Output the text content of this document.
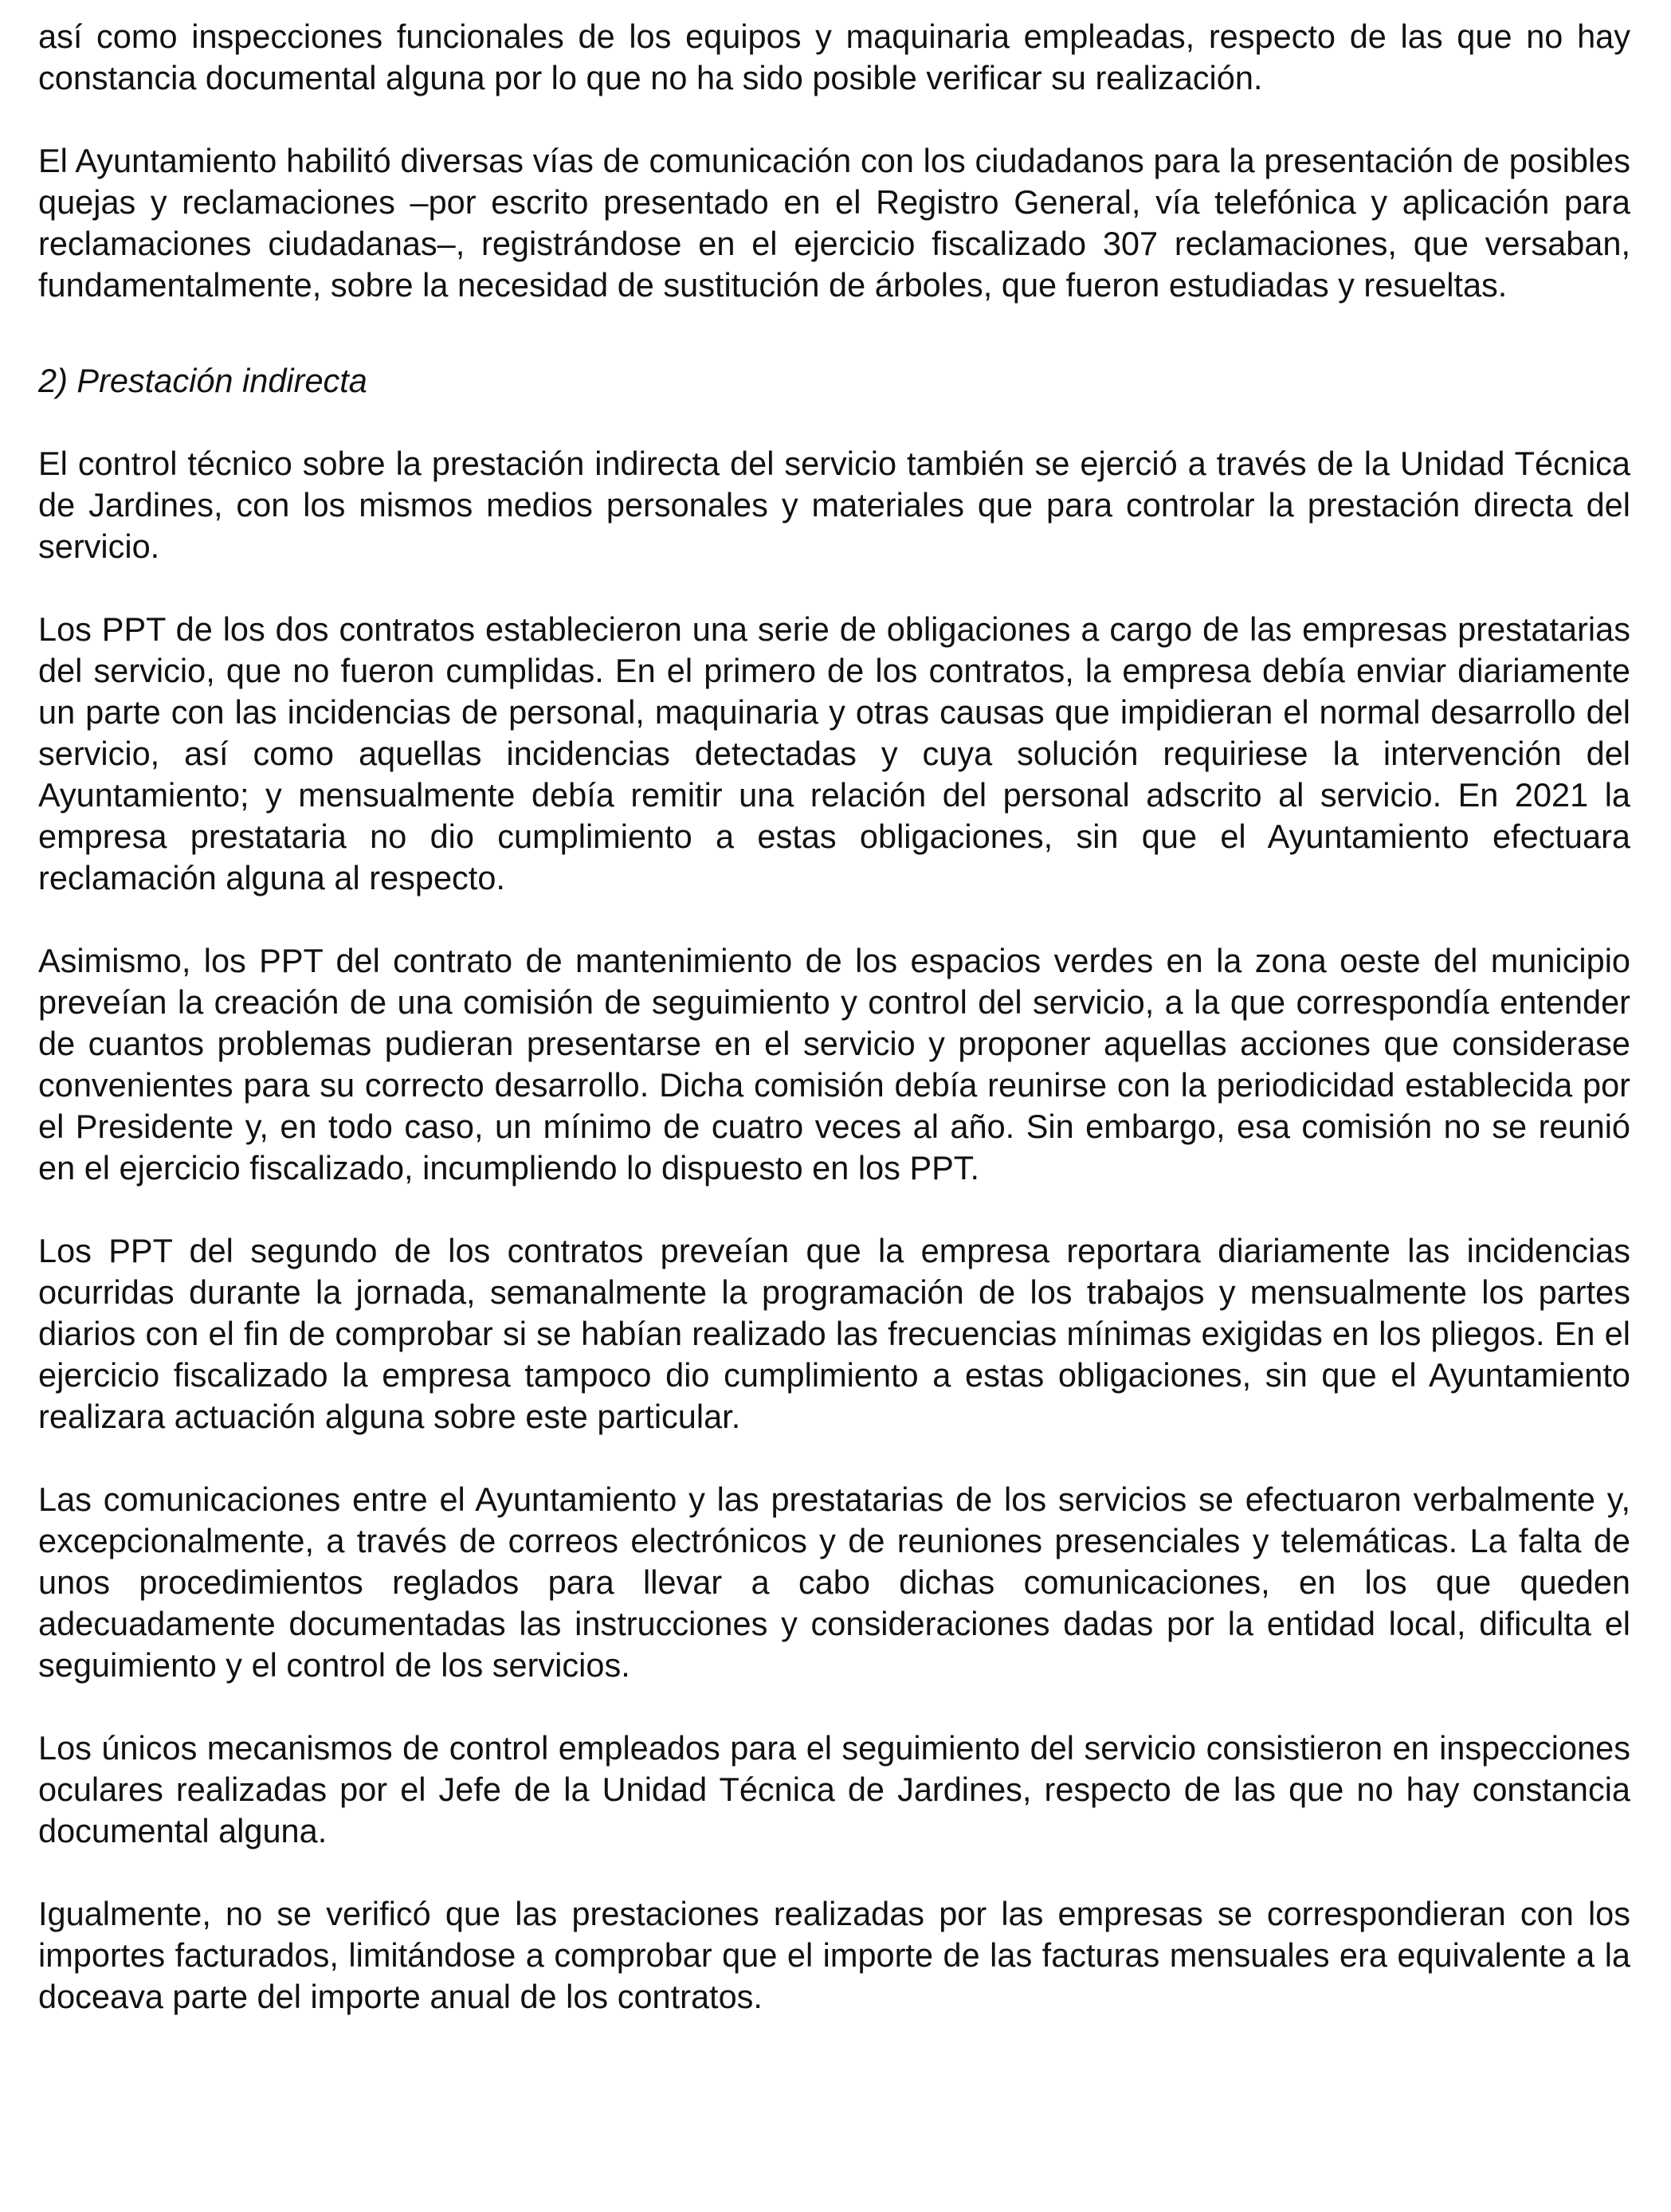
así como inspecciones funcionales de los equipos y maquinaria empleadas, respecto de las que no hay constancia documental alguna por lo que no ha sido posible verificar su realización.

El Ayuntamiento habilitó diversas vías de comunicación con los ciudadanos para la presentación de posibles quejas y reclamaciones –por escrito presentado en el Registro General, vía telefónica y aplicación para reclamaciones ciudadanas–, registrándose en el ejercicio fiscalizado 307 reclamaciones, que versaban, fundamentalmente, sobre la necesidad de sustitución de árboles, que fueron estudiadas y resueltas.

2) Prestación indirecta

El control técnico sobre la prestación indirecta del servicio también se ejerció a través de la Unidad Técnica de Jardines, con los mismos medios personales y materiales que para controlar la prestación directa del servicio.

Los PPT de los dos contratos establecieron una serie de obligaciones a cargo de las empresas prestatarias del servicio, que no fueron cumplidas. En el primero de los contratos, la empresa debía enviar diariamente un parte con las incidencias de personal, maquinaria y otras causas que impidieran el normal desarrollo del servicio, así como aquellas incidencias detectadas y cuya solución requiriese la intervención del Ayuntamiento; y mensualmente debía remitir una relación del personal adscrito al servicio. En 2021 la empresa prestataria no dio cumplimiento a estas obligaciones, sin que el Ayuntamiento efectuara reclamación alguna al respecto.

Asimismo, los PPT del contrato de mantenimiento de los espacios verdes en la zona oeste del municipio preveían la creación de una comisión de seguimiento y control del servicio, a la que correspondía entender de cuantos problemas pudieran presentarse en el servicio y proponer aquellas acciones que considerase convenientes para su correcto desarrollo. Dicha comisión debía reunirse con la periodicidad establecida por el Presidente y, en todo caso, un mínimo de cuatro veces al año. Sin embargo, esa comisión no se reunió en el ejercicio fiscalizado, incumpliendo lo dispuesto en los PPT.

Los PPT del segundo de los contratos preveían que la empresa reportara diariamente las incidencias ocurridas durante la jornada, semanalmente la programación de los trabajos y mensualmente los partes diarios con el fin de comprobar si se habían realizado las frecuencias mínimas exigidas en los pliegos. En el ejercicio fiscalizado la empresa tampoco dio cumplimiento a estas obligaciones, sin que el Ayuntamiento realizara actuación alguna sobre este particular.

Las comunicaciones entre el Ayuntamiento y las prestatarias de los servicios se efectuaron verbalmente y, excepcionalmente, a través de correos electrónicos y de reuniones presenciales y telemáticas. La falta de unos procedimientos reglados para llevar a cabo dichas comunicaciones, en los que queden adecuadamente documentadas las instrucciones y consideraciones dadas por la entidad local, dificulta el seguimiento y el control de los servicios.

Los únicos mecanismos de control empleados para el seguimiento del servicio consistieron en inspecciones oculares realizadas por el Jefe de la Unidad Técnica de Jardines, respecto de las que no hay constancia documental alguna.

Igualmente, no se verificó que las prestaciones realizadas por las empresas se correspondieran con los importes facturados, limitándose a comprobar que el importe de las facturas mensuales era equivalente a la doceava parte del importe anual de los contratos.
